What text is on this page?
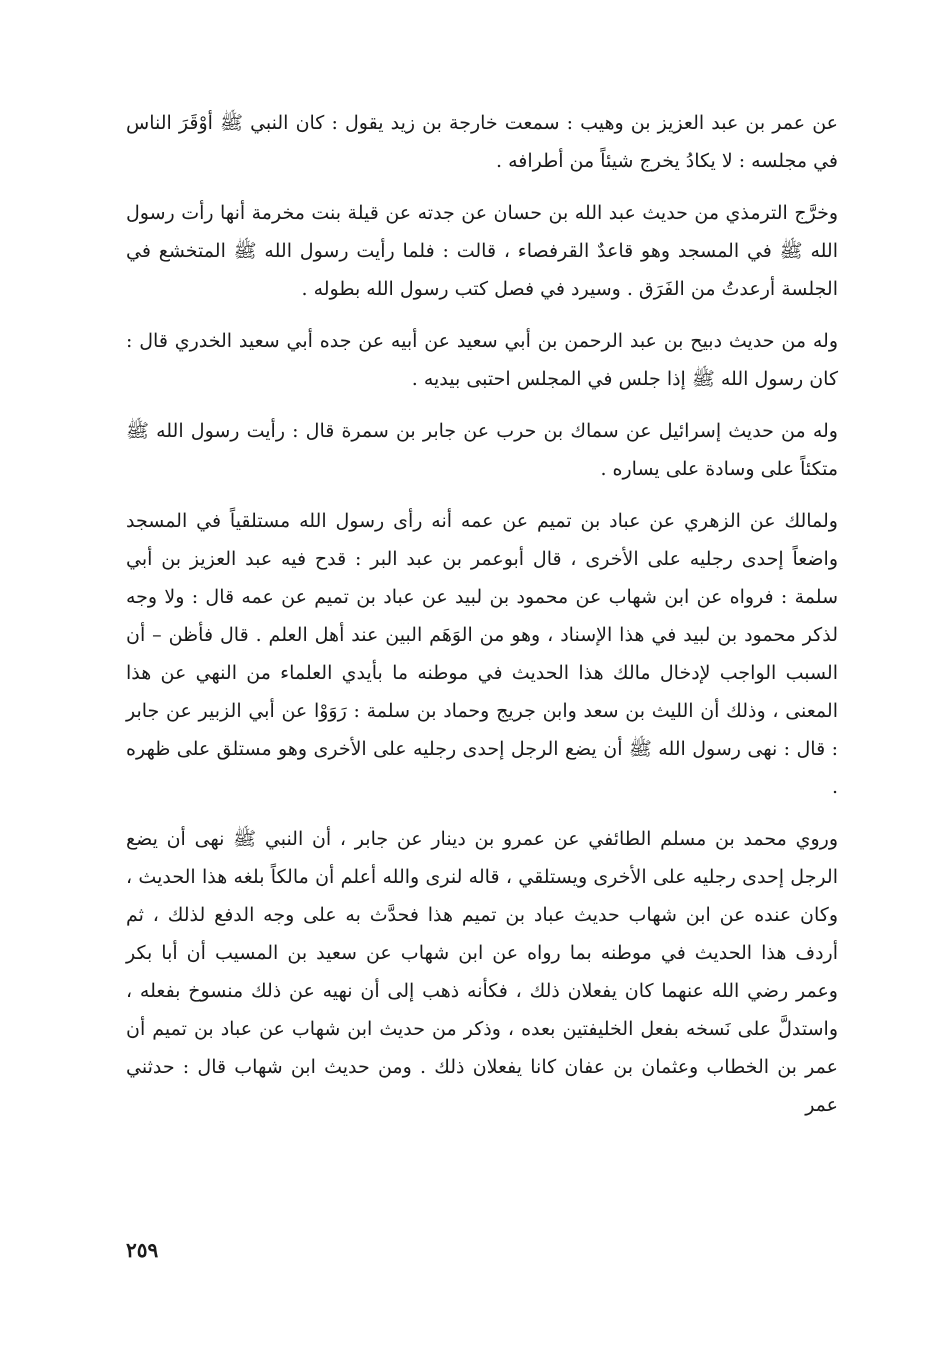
عن عمر بن عبد العزيز بن وهيب : سمعت خارجة بن زيد يقول : كان النبي ﷺ أوْقَرَ الناس في مجلسه : لا يكادُ يخرج شيئاً من أطرافه .

وخرَّج الترمذي من حديث عبد الله بن حسان عن جدته عن قيلة بنت مخرمة أنها رأت رسول الله ﷺ في المسجد وهو قاعدٌ القرفصاء ، قالت : فلما رأيت رسول الله ﷺ المتخشع في الجلسة أرعدتُ من الفَرَق . وسيرد في فصل كتب رسول الله بطوله .

وله من حديث دبيح بن عبد الرحمن بن أبي سعيد عن أبيه عن جده أبي سعيد الخدري قال : كان رسول الله ﷺ إذا جلس في المجلس احتبى بيديه .

وله من حديث إسرائيل عن سماك بن حرب عن جابر بن سمرة قال : رأيت رسول الله ﷺ متكئاً على وسادة على يساره .

ولمالك عن الزهري عن عباد بن تميم عن عمه أنه رأى رسول الله مستلقياً في المسجد واضعاً إحدى رجليه على الأخرى ، قال أبوعمر بن عبد البر : قدح فيه عبد العزيز بن أبي سلمة : فرواه عن ابن شهاب عن محمود بن لبيد عن عباد بن تميم عن عمه قال : ولا وجه لذكر محمود بن لبيد في هذا الإسناد ، وهو من الوَهَم البين عند أهل العلم . قال فأظن – أن السبب الواجب لإدخال مالك هذا الحديث في موطنه ما بأيدي العلماء من النهي عن هذا المعنى ، وذلك أن الليث بن سعد وابن جريج وحماد بن سلمة : رَوَوْا عن أبي الزبير عن جابر : قال : نهى رسول الله ﷺ أن يضع الرجل إحدى رجليه على الأخرى وهو مستلق على ظهره .

وروي محمد بن مسلم الطائفي عن عمرو بن دينار عن جابر ، أن النبي ﷺ نهى أن يضع الرجل إحدى رجليه على الأخرى ويستلقي ، قاله لنرى والله أعلم أن مالكاً بلغه هذا الحديث ، وكان عنده عن ابن شهاب حديث عباد بن تميم هذا فحدَّث به على وجه الدفع لذلك ، ثم أردف هذا الحديث في موطنه بما رواه عن ابن شهاب عن سعيد بن المسيب أن أبا بكر وعمر رضي الله عنهما كان يفعلان ذلك ، فكأنه ذهب إلى أن نهيه عن ذلك منسوخ بفعله ، واستدلَّ على نَسخه بفعل الخليفتين بعده ، وذكر من حديث ابن شهاب عن عباد بن تميم أن عمر بن الخطاب وعثمان بن عفان كانا يفعلان ذلك . ومن حديث ابن شهاب قال : حدثني عمر

٢٥٩
